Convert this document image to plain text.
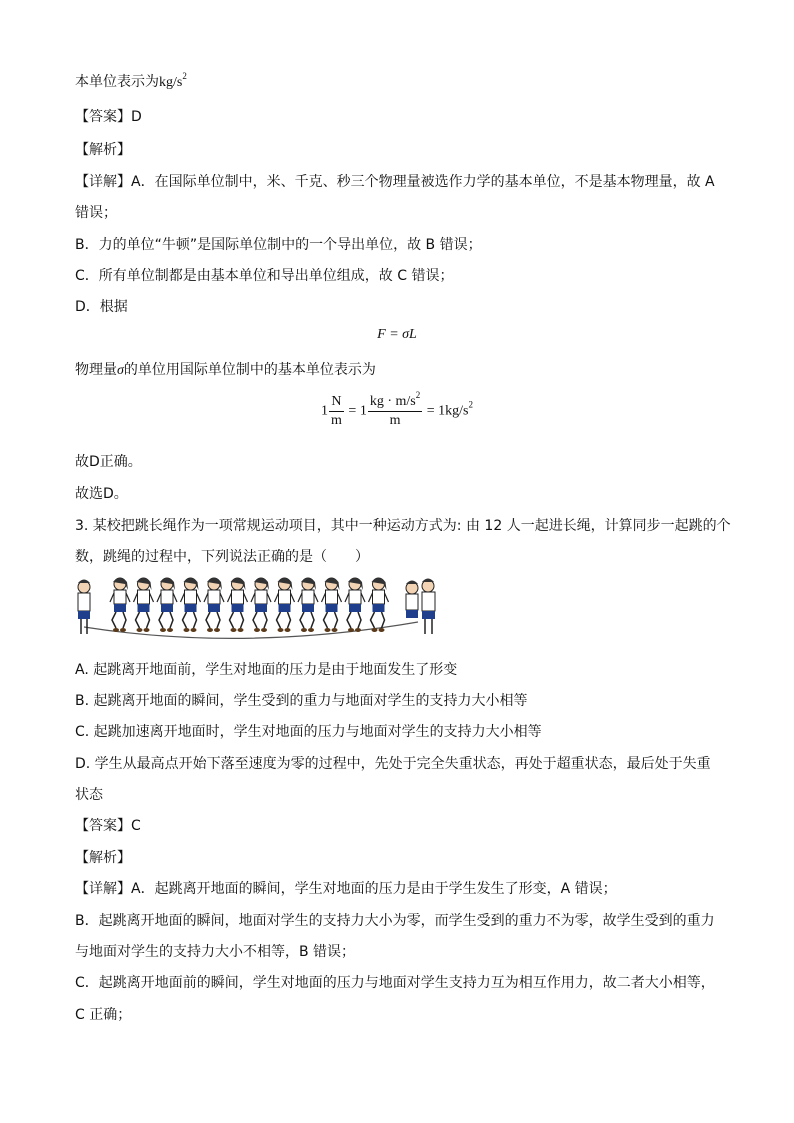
本单位表示为$kg/s^2$
【答案】D
【解析】
【详解】A．在国际单位制中，米、千克、秒三个物理量被选作力学的基本单位，不是基本物理量，故 A
错误；
B．力的单位“牛顿”是国际单位制中的一个导出单位，故 B 错误；
C．所有单位制都是由基本单位和导出单位组成，故 C 错误；
D．根据
F = σL
物理量σ的单位用国际单位制中的基本单位表示为
$1 \frac{N}{m} = 1 \frac{kg \cdot m/s^2}{m} = 1kg/s^2$
故D正确。
故选D。
3. 某校把跳长绳作为一项常规运动项目，其中一种运动方式为: 由 12 人一起进长绳，计算同步一起跳的个
数，跳绳的过程中，下列说法正确的是（　　）
A. 起跳离开地面前，学生对地面的压力是由于地面发生了形变
B. 起跳离开地面的瞬间，学生受到的重力与地面对学生的支持力大小相等
C. 起跳加速离开地面时，学生对地面的压力与地面对学生的支持力大小相等
D. 学生从最高点开始下落至速度为零的过程中，先处于完全失重状态，再处于超重状态，最后处于失重
状态
【答案】C
【解析】
【详解】A．起跳离开地面的瞬间，学生对地面的压力是由于学生发生了形变，A 错误；
B．起跳离开地面的瞬间，地面对学生的支持力大小为零，而学生受到的重力不为零，故学生受到的重力
与地面对学生的支持力大小不相等，B 错误；
C．起跳离开地面前的瞬间，学生对地面的压力与地面对学生支持力互为相互作用力，故二者大小相等，
C 正确；
